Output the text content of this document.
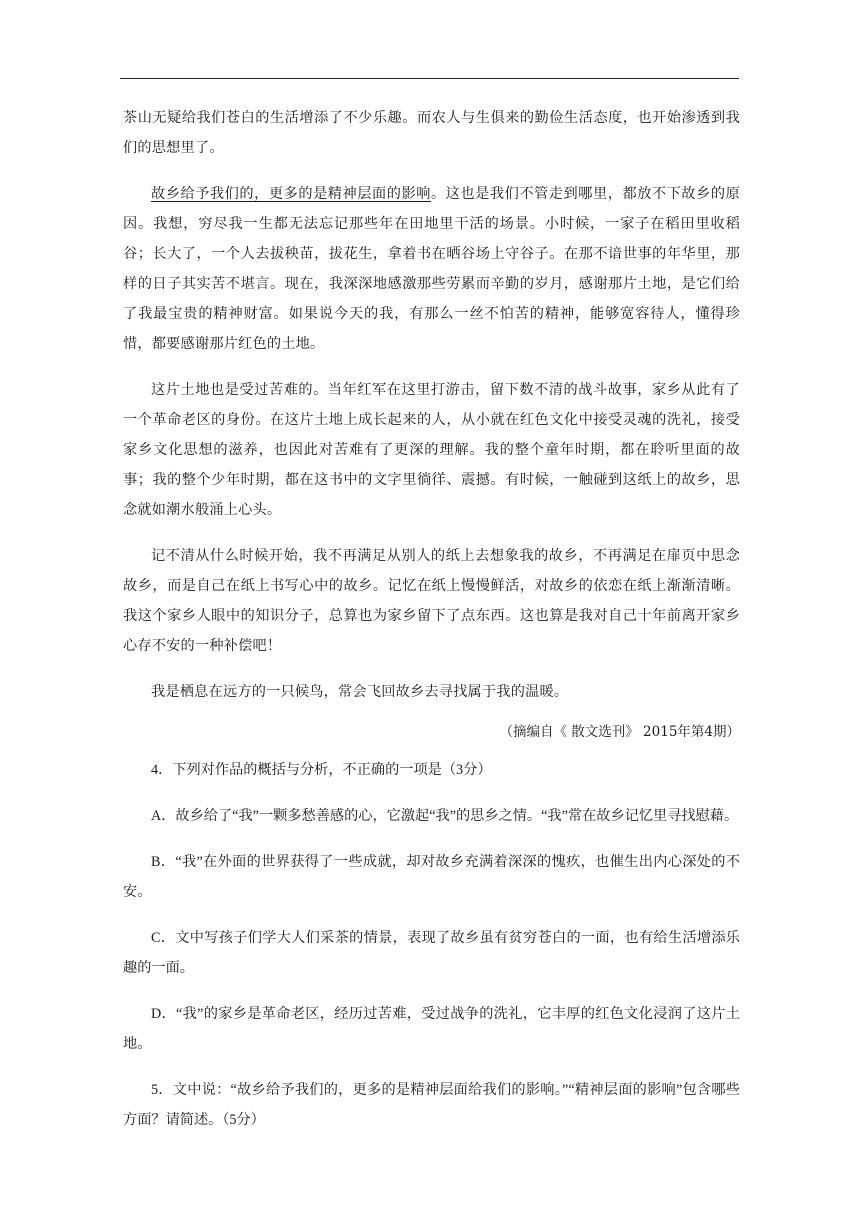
茶山无疑给我们苍白的生活增添了不少乐趣。而农人与生俱来的勤俭生活态度，也开始渗透到我们的思想里了。

故乡给予我们的，更多的是精神层面的影响。这也是我们不管走到哪里，都放不下故乡的原因。我想，穷尽我一生都无法忘记那些年在田地里干活的场景。小时候，一家子在稻田里收稻谷；长大了，一个人去拔秧苗，拔花生，拿着书在晒谷场上守谷子。在那不谙世事的年华里，那样的日子其实苦不堪言。现在，我深深地感激那些劳累而辛勤的岁月，感谢那片土地，是它们给了我最宝贵的精神财富。如果说今天的我，有那么一丝不怕苦的精神，能够宽容待人，懂得珍惜，都要感谢那片红色的土地。

这片土地也是受过苦难的。当年红军在这里打游击，留下数不清的战斗故事，家乡从此有了一个革命老区的身份。在这片土地上成长起来的人，从小就在红色文化中接受灵魂的洗礼，接受家乡文化思想的滋养，也因此对苦难有了更深的理解。我的整个童年时期，都在聆听里面的故事；我的整个少年时期，都在这书中的文字里徜徉、震撼。有时候，一触碰到这纸上的故乡，思念就如潮水般涌上心头。

记不清从什么时候开始，我不再满足从别人的纸上去想象我的故乡，不再满足在扉页中思念故乡，而是自己在纸上书写心中的故乡。记忆在纸上慢慢鲜活，对故乡的依恋在纸上渐渐清晰。我这个家乡人眼中的知识分子，总算也为家乡留下了点东西。这也算是我对自己十年前离开家乡心存不安的一种补偿吧！

我是栖息在远方的一只候鸟，常会飞回故乡去寻找属于我的温暖。

（摘编自《 散文选刊》 2015年第4期）

4．下列对作品的概括与分析，不正确的一项是（3分）

A．故乡给了“我”一颗多愁善感的心，它激起“我”的思乡之情。“我”常在故乡记忆里寻找慰藉。

B．“我”在外面的世界获得了一些成就，却对故乡充满着深深的愧疚，也催生出内心深处的不安。

C．文中写孩子们学大人们采茶的情景，表现了故乡虽有贫穷苍白的一面，也有给生活增添乐趣的一面。

D．“我”的家乡是革命老区，经历过苦难，受过战争的洗礼，它丰厚的红色文化浸润了这片土地。

5．文中说：“故乡给予我们的，更多的是精神层面给我们的影响。”“精神层面的影响”包含哪些方面？请简述。（5分）
